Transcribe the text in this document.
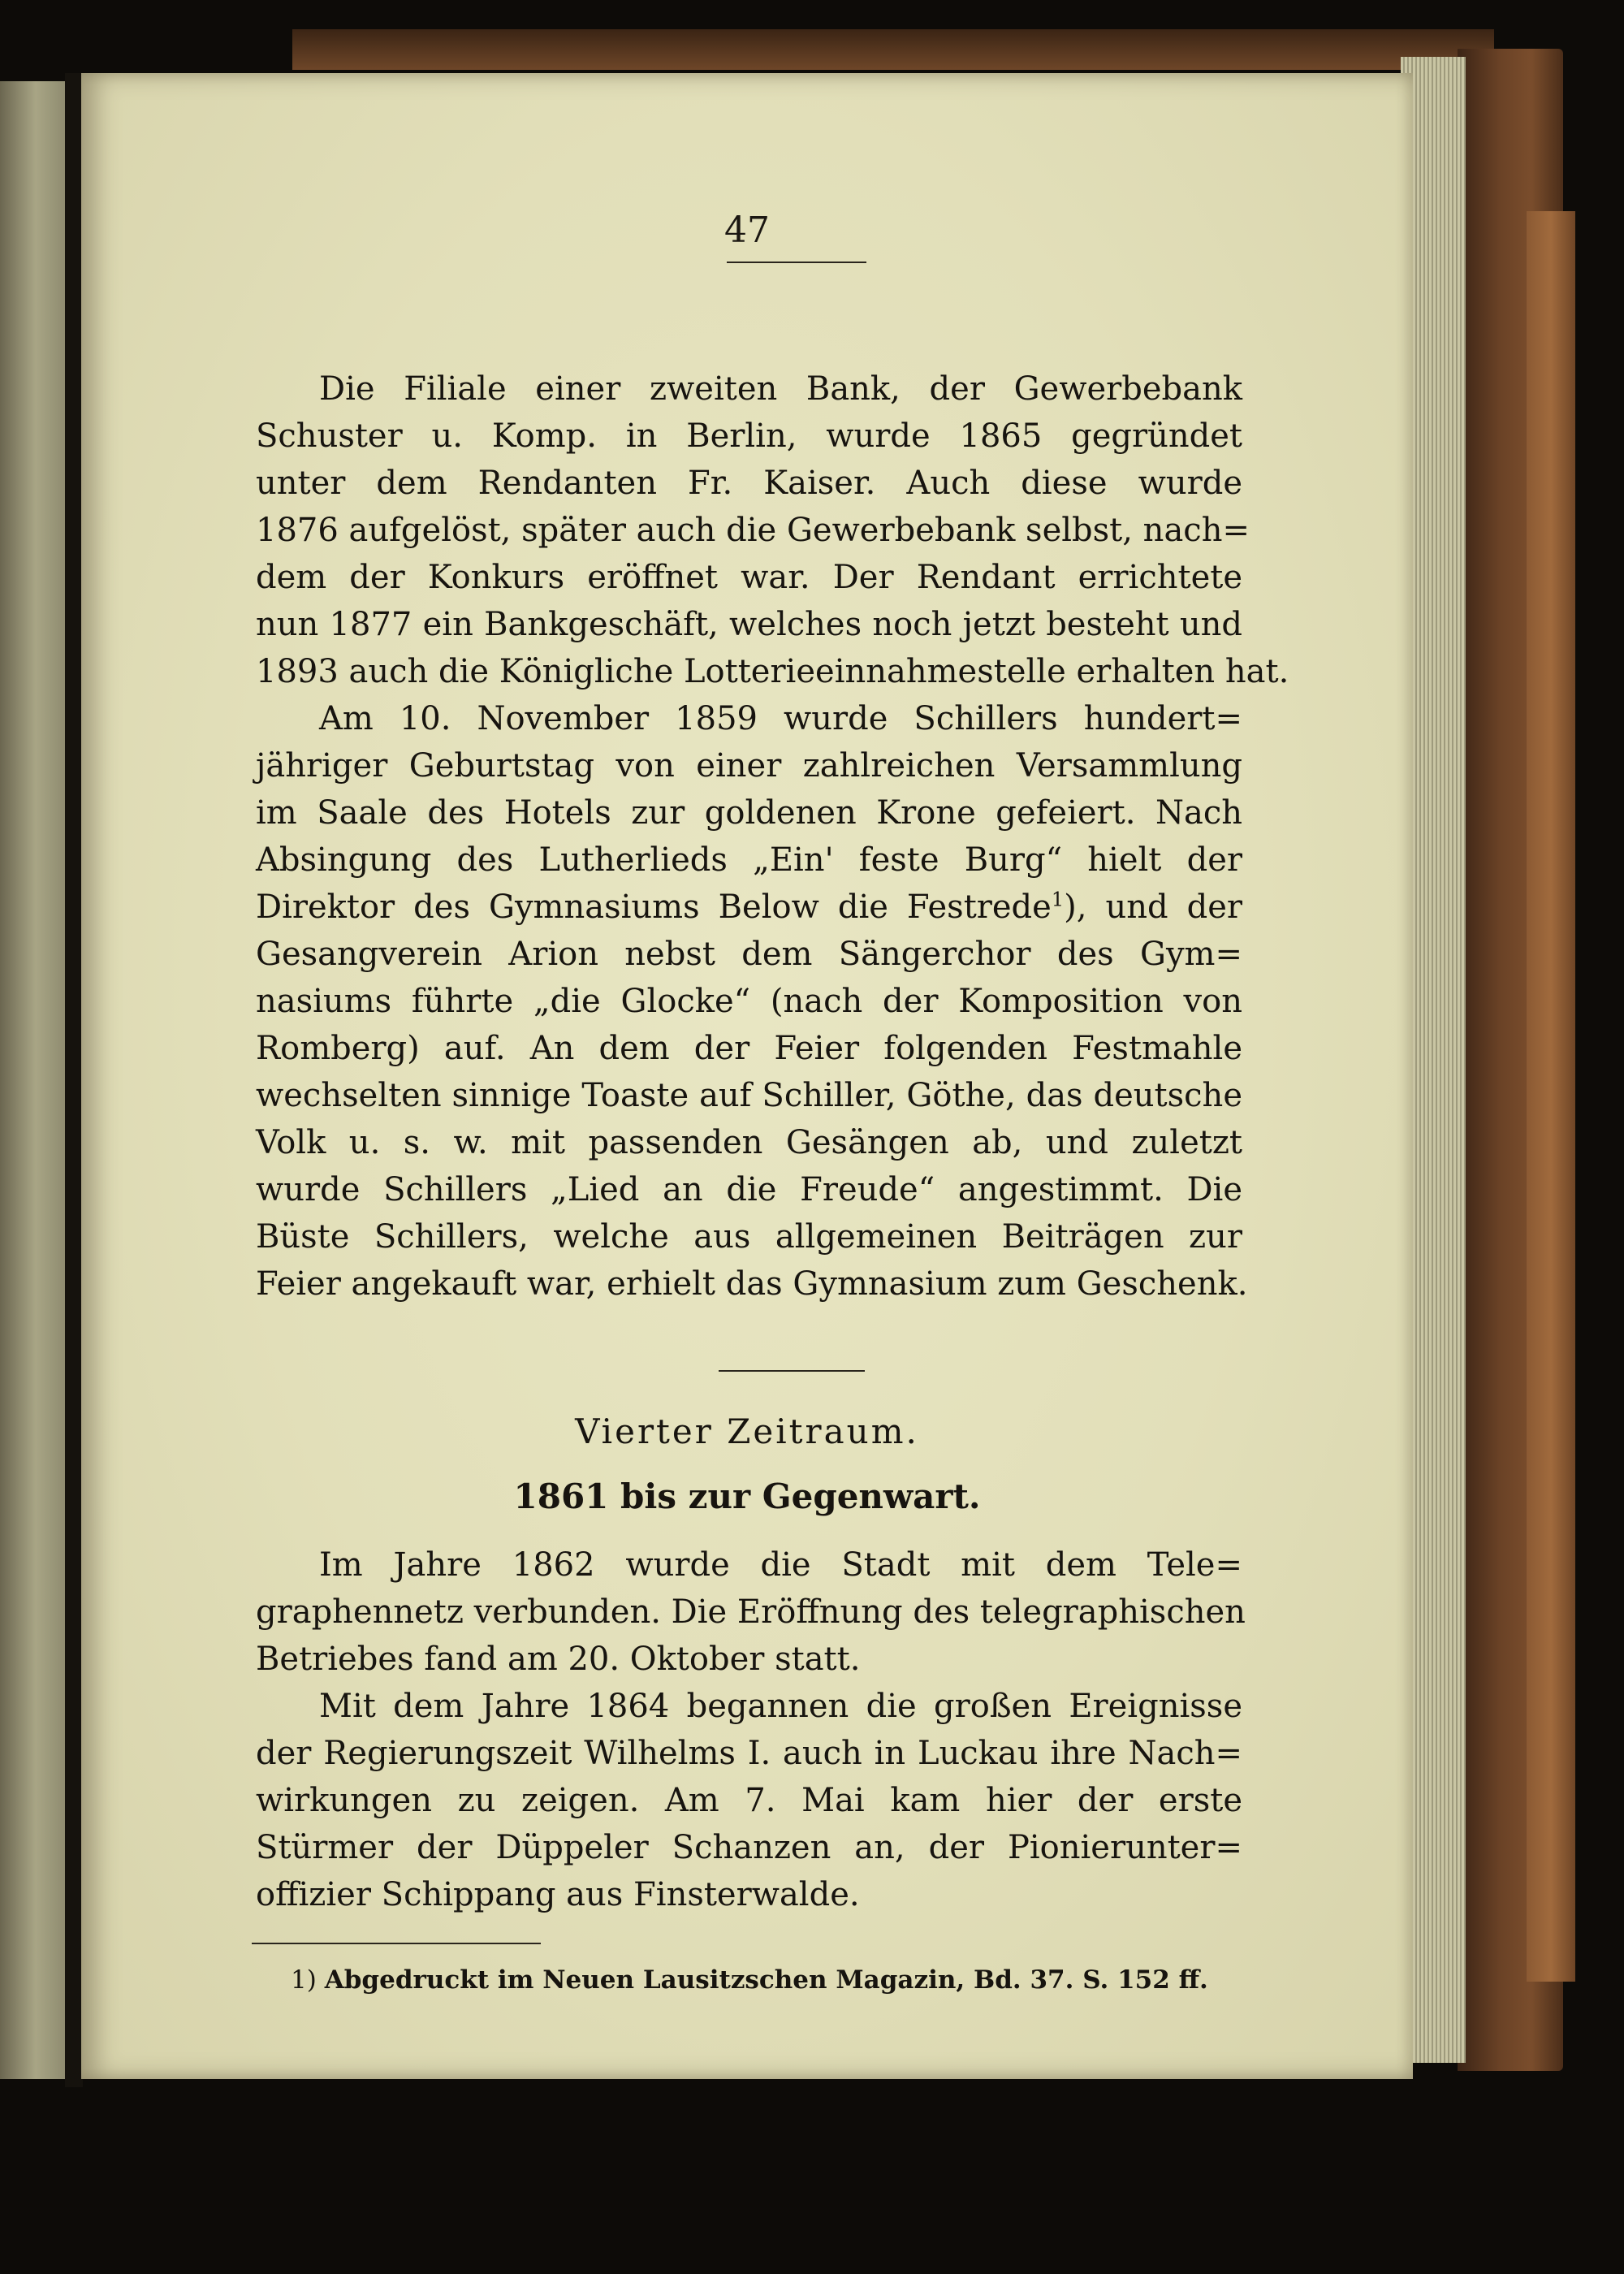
47
Die Filiale einer zweiten Bank, der Gewerbebank
Schuster u. Komp. in Berlin, wurde 1865 gegründet
unter dem Rendanten Fr. Kaiser. Auch diese wurde
1876 aufgelöst, später auch die Gewerbebank selbst, nach=
dem der Konkurs eröffnet war. Der Rendant errichtete
nun 1877 ein Bankgeschäft, welches noch jetzt besteht und
1893 auch die Königliche Lotterieeinnahmestelle erhalten hat.
Am 10. November 1859 wurde Schillers hundert=
jähriger Geburtstag von einer zahlreichen Versammlung
im Saale des Hotels zur goldenen Krone gefeiert. Nach
Absingung des Lutherlieds „Ein' feste Burg“ hielt der
Direktor des Gymnasiums Below die Festrede$^1$), und der
Gesangverein Arion nebst dem Sängerchor des Gym=
nasiums führte „die Glocke“ (nach der Komposition von
Romberg) auf. An dem der Feier folgenden Festmahle
wechselten sinnige Toaste auf Schiller, Göthe, das deutsche
Volk u. s. w. mit passenden Gesängen ab, und zuletzt
wurde Schillers „Lied an die Freude“ angestimmt. Die
Büste Schillers, welche aus allgemeinen Beiträgen zur
Feier angekauft war, erhielt das Gymnasium zum Geschenk.
Vierter Zeitraum.
1861 bis zur Gegenwart.
Im Jahre 1862 wurde die Stadt mit dem Tele=
graphennetz verbunden. Die Eröffnung des telegraphischen
Betriebes fand am 20. Oktober statt.
Mit dem Jahre 1864 begannen die großen Ereignisse
der Regierungszeit Wilhelms I. auch in Luckau ihre Nach=
wirkungen zu zeigen. Am 7. Mai kam hier der erste
Stürmer der Düppeler Schanzen an, der Pionierunter=
offizier Schippang aus Finsterwalde.
1) Abgedruckt im Neuen Lausitzschen Magazin, Bd. 37. S. 152 ff.
